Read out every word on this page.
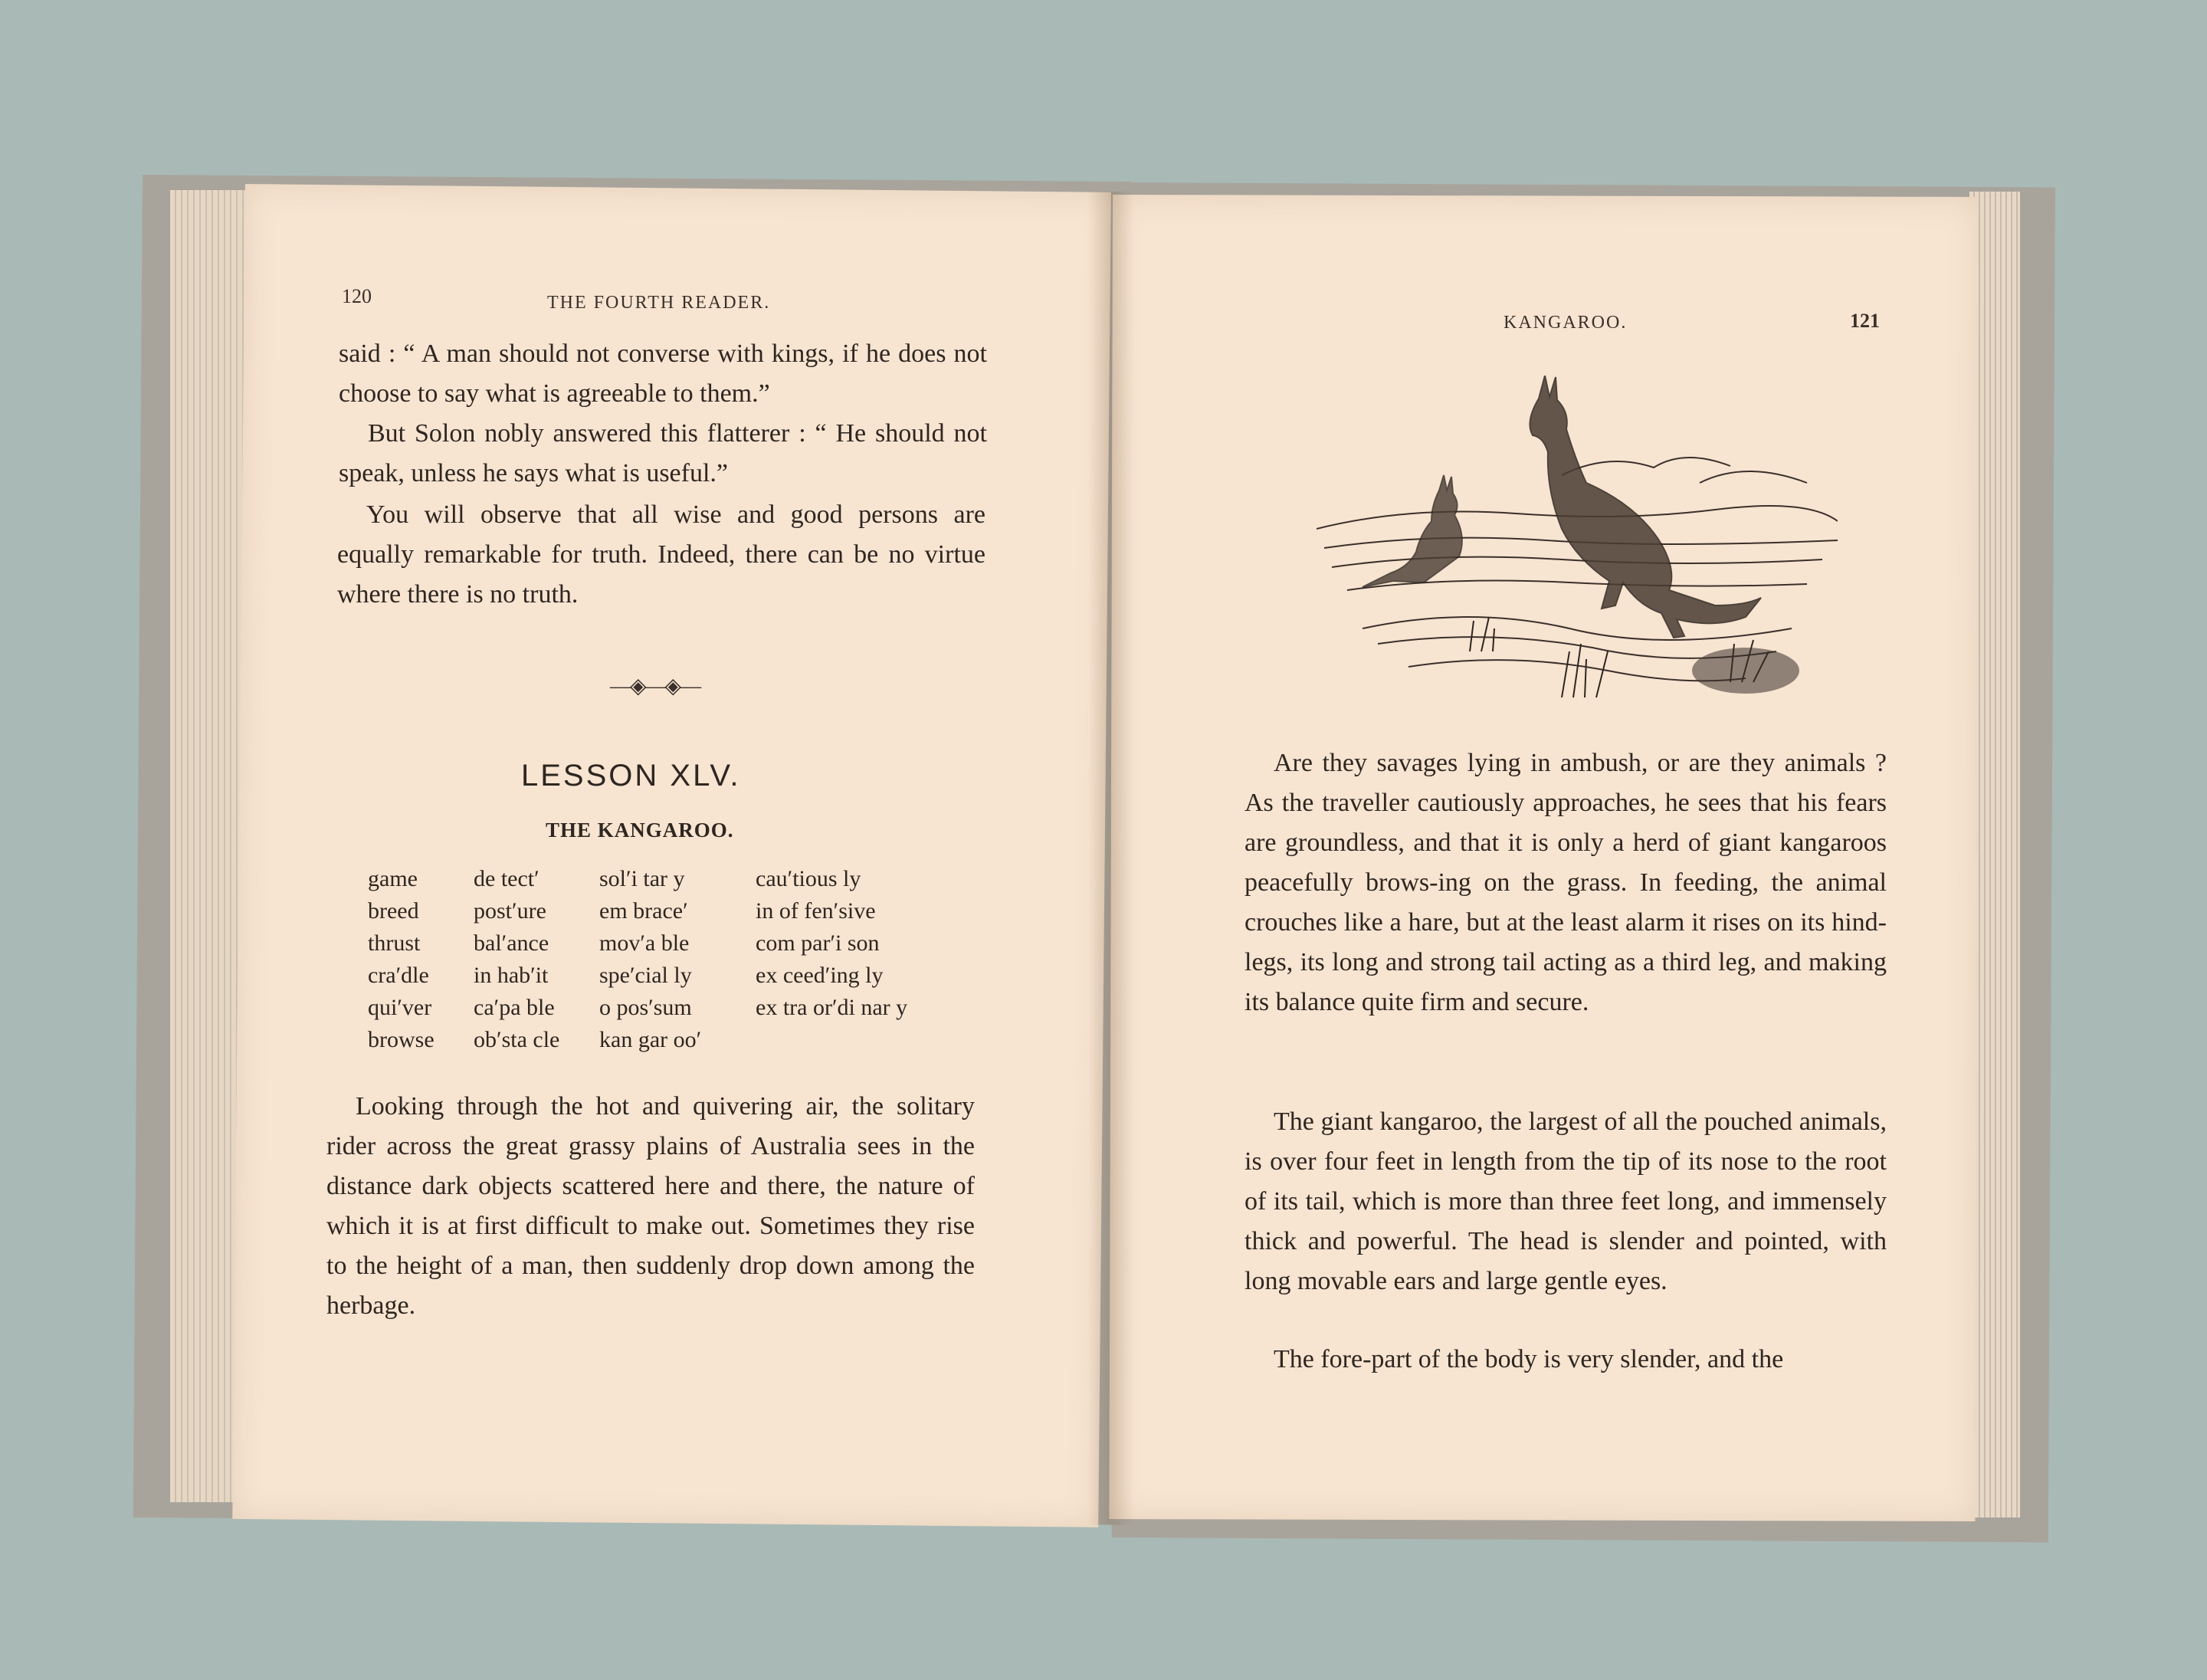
120	THE FOURTH READER.

said : “ A man should not converse with kings, if he does not choose to say what is agreeable to them.”

But Solon nobly answered this flatterer : “ He should not speak, unless he says what is useful.”

You will observe that all wise and good persons are equally remarkable for truth. Indeed, there can be no virtue where there is no truth.

—◈—◈—
LESSON XLV.
THE KANGAROO.
game
breed
thrust
cra′dle
qui′ver
browse
de tect′
post′ure
bal′ance
in hab′it
ca′pa ble
ob′sta cle
sol′i tar y
em brace′
mov′a ble
spe′cial ly
o pos′sum
kan gar oo′
cau′tious ly
in of fen′sive
com par′i son
ex ceed′ing ly
ex tra or′di nar y

Looking through the hot and quivering air, the solitary rider across the great grassy plains of Australia sees in the distance dark objects scattered here and there, the nature of which it is at first difficult to make out. Sometimes they rise to the height of a man, then suddenly drop down among the herbage.

KANGAROO.	121

Are they savages lying in ambush, or are they animals ? As the traveller cautiously approaches, he sees that his fears are groundless, and that it is only a herd of giant kangaroos peacefully brows-ing on the grass. In feeding, the animal crouches like a hare, but at the least alarm it rises on its hind-legs, its long and strong tail acting as a third leg, and making its balance quite firm and secure.

The giant kangaroo, the largest of all the pouched animals, is over four feet in length from the tip of its nose to the root of its tail, which is more than three feet long, and immensely thick and powerful. The head is slender and pointed, with long movable ears and large gentle eyes.

The fore-part of the body is very slender, and the
